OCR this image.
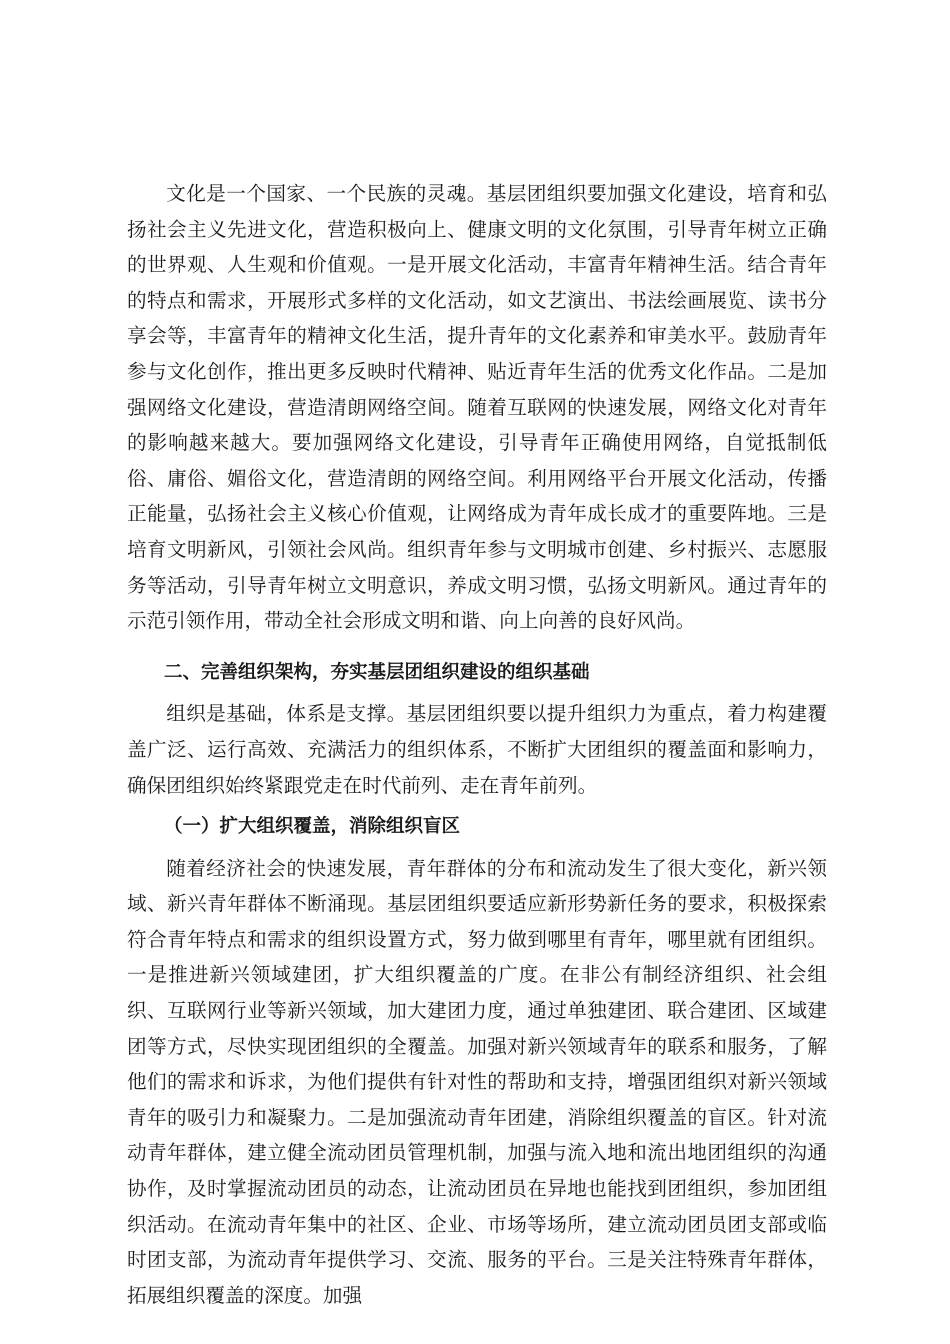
文化是一个国家、一个民族的灵魂。基层团组织要加强文化建设，培育和弘扬社会主义先进文化，营造积极向上、健康文明的文化氛围，引导青年树立正确的世界观、人生观和价值观。一是开展文化活动，丰富青年精神生活。结合青年的特点和需求，开展形式多样的文化活动，如文艺演出、书法绘画展览、读书分享会等，丰富青年的精神文化生活，提升青年的文化素养和审美水平。鼓励青年参与文化创作，推出更多反映时代精神、贴近青年生活的优秀文化作品。二是加强网络文化建设，营造清朗网络空间。随着互联网的快速发展，网络文化对青年的影响越来越大。要加强网络文化建设，引导青年正确使用网络，自觉抵制低俗、庸俗、媚俗文化，营造清朗的网络空间。利用网络平台开展文化活动，传播正能量，弘扬社会主义核心价值观，让网络成为青年成长成才的重要阵地。三是培育文明新风，引领社会风尚。组织青年参与文明城市创建、乡村振兴、志愿服务等活动，引导青年树立文明意识，养成文明习惯，弘扬文明新风。通过青年的示范引领作用，带动全社会形成文明和谐、向上向善的良好风尚。

二、完善组织架构，夯实基层团组织建设的组织基础

组织是基础，体系是支撑。基层团组织要以提升组织力为重点，着力构建覆盖广泛、运行高效、充满活力的组织体系，不断扩大团组织的覆盖面和影响力，确保团组织始终紧跟党走在时代前列、走在青年前列。

（一）扩大组织覆盖，消除组织盲区

随着经济社会的快速发展，青年群体的分布和流动发生了很大变化，新兴领域、新兴青年群体不断涌现。基层团组织要适应新形势新任务的要求，积极探索符合青年特点和需求的组织设置方式，努力做到哪里有青年，哪里就有团组织。一是推进新兴领域建团，扩大组织覆盖的广度。在非公有制经济组织、社会组织、互联网行业等新兴领域，加大建团力度，通过单独建团、联合建团、区域建团等方式，尽快实现团组织的全覆盖。加强对新兴领域青年的联系和服务，了解他们的需求和诉求，为他们提供有针对性的帮助和支持，增强团组织对新兴领域青年的吸引力和凝聚力。二是加强流动青年团建，消除组织覆盖的盲区。针对流动青年群体，建立健全流动团员管理机制，加强与流入地和流出地团组织的沟通协作，及时掌握流动团员的动态，让流动团员在异地也能找到团组织，参加团组织活动。在流动青年集中的社区、企业、市场等场所，建立流动团员团支部或临时团支部，为流动青年提供学习、交流、服务的平台。三是关注特殊青年群体，拓展组织覆盖的深度。加强
